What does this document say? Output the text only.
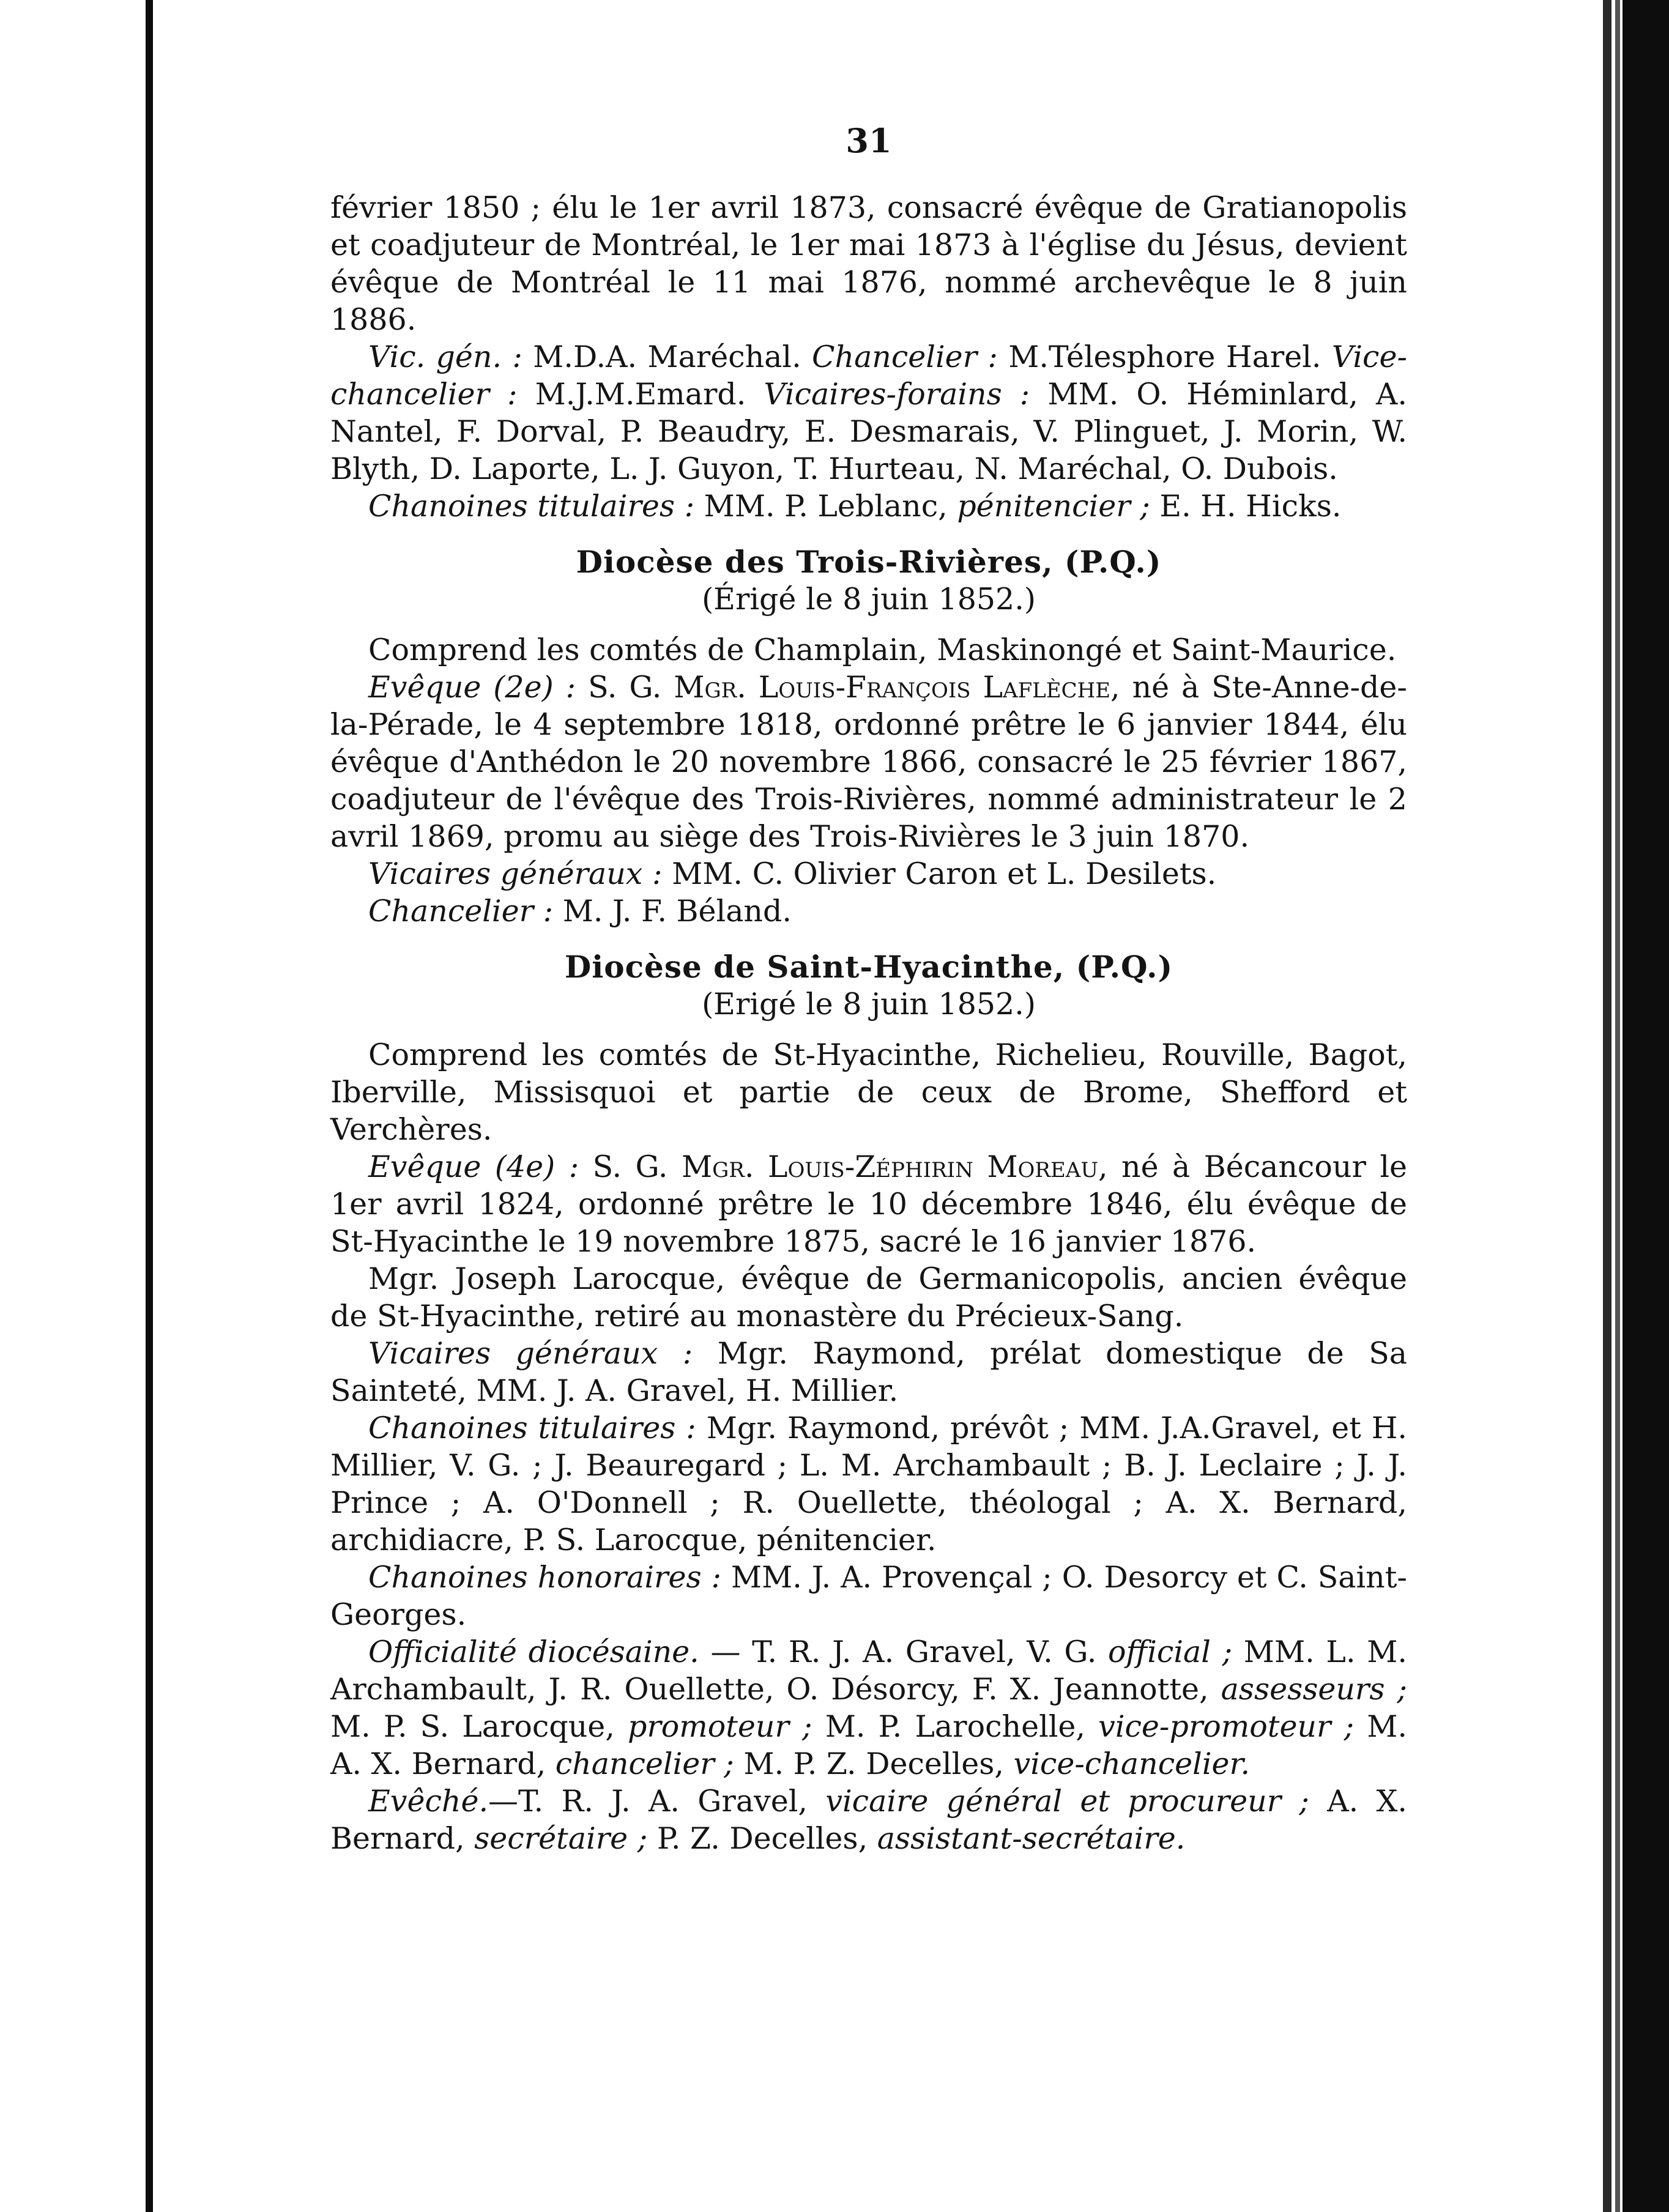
31

février 1850 ; élu le 1er avril 1873, consacré évêque de Gratianopolis et coadjuteur de Montréal, le 1er mai 1873 à l'église du Jésus, devient évêque de Montréal le 11 mai 1876, nommé archevêque le 8 juin 1886.

Vic. gén. : M.D.A. Maréchal. Chancelier : M.Télesphore Harel. Vice-chancelier : M.J.M.Emard. Vicaires-forains : MM. O. Héminlard, A. Nantel, F. Dorval, P. Beaudry, E. Desmarais, V. Plinguet, J. Morin, W. Blyth, D. Laporte, L. J. Guyon, T. Hurteau, N. Maréchal, O. Dubois.

Chanoines titulaires : MM. P. Leblanc, pénitencier ; E. H. Hicks.

Diocèse des Trois-Rivières, (P.Q.)

(Érigé le 8 juin 1852.)

Comprend les comtés de Champlain, Maskinongé et Saint-Maurice.

Evêque (2e) : S. G. Mgr. Louis-François Laflèche, né à Ste-Anne-de-la-Pérade, le 4 septembre 1818, ordonné prêtre le 6 janvier 1844, élu évêque d'Anthédon le 20 novembre 1866, consacré le 25 février 1867, coadjuteur de l'évêque des Trois-Rivières, nommé administrateur le 2 avril 1869, promu au siège des Trois-Rivières le 3 juin 1870.

Vicaires généraux : MM. C. Olivier Caron et L. Desilets.

Chancelier : M. J. F. Béland.

Diocèse de Saint-Hyacinthe, (P.Q.)

(Erigé le 8 juin 1852.)

Comprend les comtés de St-Hyacinthe, Richelieu, Rouville, Bagot, Iberville, Missisquoi et partie de ceux de Brome, Shefford et Verchères.

Evêque (4e) : S. G. Mgr. Louis-Zéphirin Moreau, né à Bécancour le 1er avril 1824, ordonné prêtre le 10 décembre 1846, élu évêque de St-Hyacinthe le 19 novembre 1875, sacré le 16 janvier 1876.

Mgr. Joseph Larocque, évêque de Germanicopolis, ancien évêque de St-Hyacinthe, retiré au monastère du Précieux-Sang.

Vicaires généraux : Mgr. Raymond, prélat domestique de Sa Sainteté, MM. J. A. Gravel, H. Millier.

Chanoines titulaires : Mgr. Raymond, prévôt ; MM. J.A.Gravel, et H. Millier, V. G. ; J. Beauregard ; L. M. Archambault ; B. J. Leclaire ; J. J. Prince ; A. O'Donnell ; R. Ouellette, théologal ; A. X. Bernard, archidiacre, P. S. Larocque, pénitencier.

Chanoines honoraires : MM. J. A. Provençal ; O. Desorcy et C. Saint-Georges.

Officialité diocésaine. — T. R. J. A. Gravel, V. G. official ; MM. L. M. Archambault, J. R. Ouellette, O. Désorcy, F. X. Jeannotte, assesseurs ; M. P. S. Larocque, promoteur ; M. P. Larochelle, vice-promoteur ; M. A. X. Bernard, chancelier ; M. P. Z. Decelles, vice-chancelier.

Evêché.—T. R. J. A. Gravel, vicaire général et procureur ; A. X. Bernard, secrétaire ; P. Z. Decelles, assistant-secrétaire.
